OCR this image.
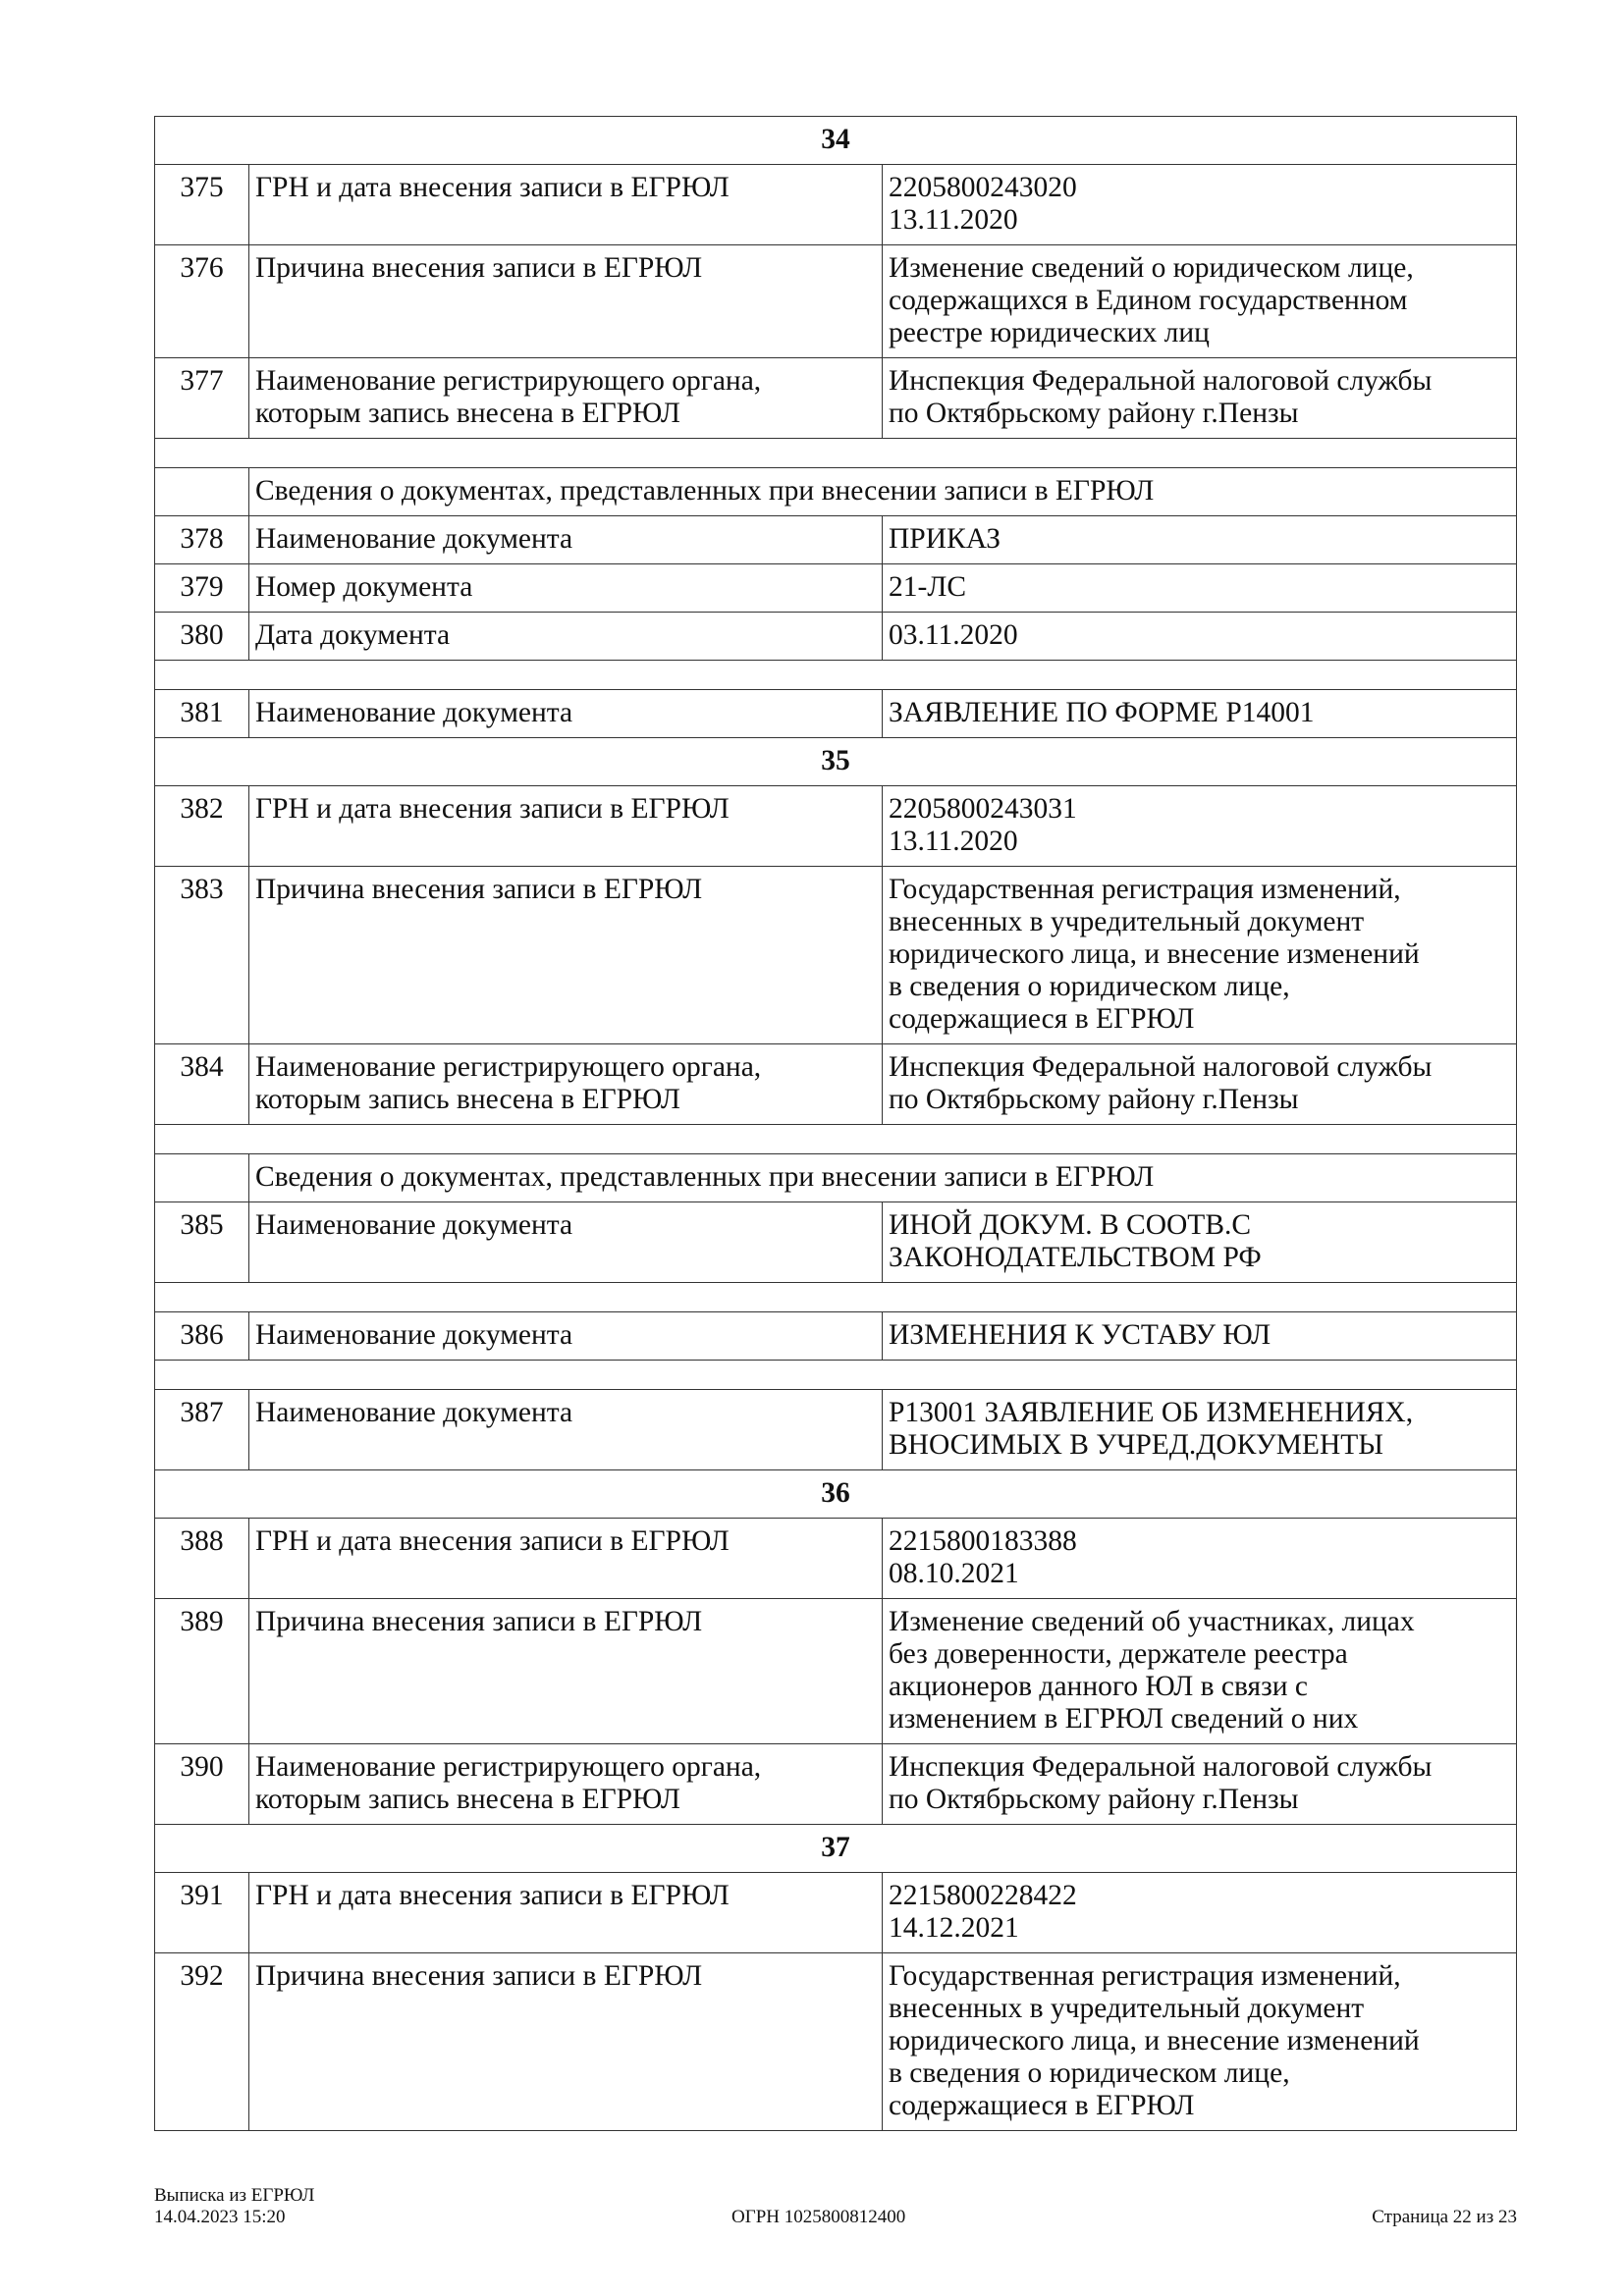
34		
375	ГРН и дата внесения записи в ЕГРЮЛ	2205800243020
13.11.2020
376	Причина внесения записи в ЕГРЮЛ	Изменение сведений о юридическом лице,
содержащихся в Едином государственном
реестре юридических лиц
377	Наименование регистрирующего органа,
которым запись внесена в ЕГРЮЛ	Инспекция Федеральной налоговой службы
по Октябрьскому району г.Пензы

	Сведения о документах, представленных при внесении записи в ЕГРЮЛ	
378	Наименование документа	ПРИКАЗ
379	Номер документа	21-ЛС
380	Дата документа	03.11.2020

381	Наименование документа	ЗАЯВЛЕНИЕ ПО ФОРМЕ Р14001
35		
382	ГРН и дата внесения записи в ЕГРЮЛ	2205800243031
13.11.2020
383	Причина внесения записи в ЕГРЮЛ	Государственная регистрация изменений,
внесенных в учредительный документ
юридического лица, и внесение изменений
в сведения о юридическом лице,
содержащиеся в ЕГРЮЛ
384	Наименование регистрирующего органа,
которым запись внесена в ЕГРЮЛ	Инспекция Федеральной налоговой службы
по Октябрьскому району г.Пензы

	Сведения о документах, представленных при внесении записи в ЕГРЮЛ	
385	Наименование документа	ИНОЙ ДОКУМ. В СООТВ.С
ЗАКОНОДАТЕЛЬСТВОМ РФ

386	Наименование документа	ИЗМЕНЕНИЯ К УСТАВУ ЮЛ

387	Наименование документа	Р13001 ЗАЯВЛЕНИЕ ОБ ИЗМЕНЕНИЯХ,
ВНОСИМЫХ В УЧРЕД.ДОКУМЕНТЫ
36		
388	ГРН и дата внесения записи в ЕГРЮЛ	2215800183388
08.10.2021
389	Причина внесения записи в ЕГРЮЛ	Изменение сведений об участниках, лицах
без доверенности, держателе реестра
акционеров данного ЮЛ в связи с
изменением в ЕГРЮЛ сведений о них
390	Наименование регистрирующего органа,
которым запись внесена в ЕГРЮЛ	Инспекция Федеральной налоговой службы
по Октябрьскому району г.Пензы
37		
391	ГРН и дата внесения записи в ЕГРЮЛ	2215800228422
14.12.2021
392	Причина внесения записи в ЕГРЮЛ	Государственная регистрация изменений,
внесенных в учредительный документ
юридического лица, и внесение изменений
в сведения о юридическом лице,
содержащиеся в ЕГРЮЛ
Выписка из ЕГРЮЛ
14.04.2023 15:20	ОГРН 1025800812400	Страница 22 из 23
